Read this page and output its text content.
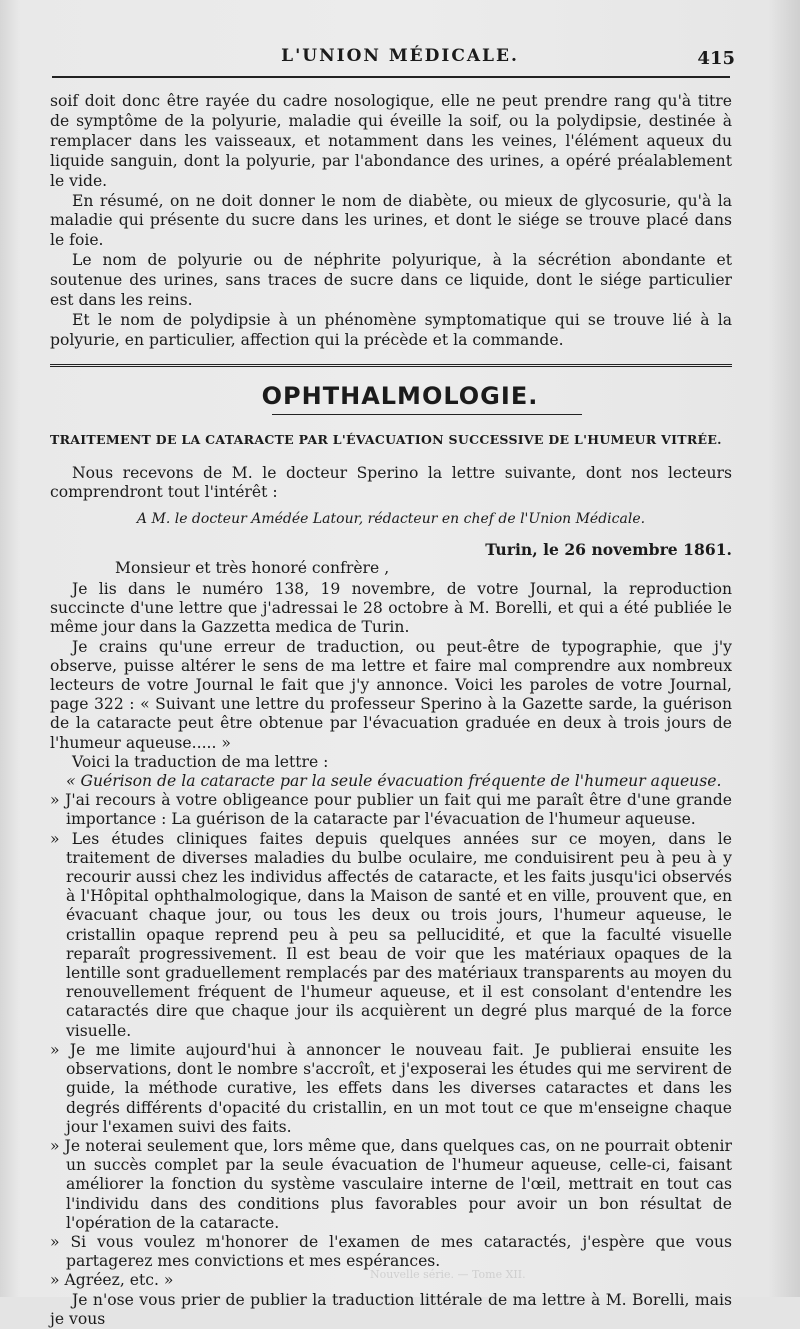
L'UNION MÉDICALE.	415

soif doit donc être rayée du cadre nosologique, elle ne peut prendre rang qu'à titre de symptôme de la polyurie, maladie qui éveille la soif, ou la polydipsie, destinée à remplacer dans les vaisseaux, et notamment dans les veines, l'élément aqueux du liquide sanguin, dont la polyurie, par l'abondance des urines, a opéré préalablement le vide.

En résumé, on ne doit donner le nom de diabète, ou mieux de glycosurie, qu'à la maladie qui présente du sucre dans les urines, et dont le siége se trouve placé dans le foie.

Le nom de polyurie ou de néphrite polyurique, à la sécrétion abondante et soutenue des urines, sans traces de sucre dans ce liquide, dont le siége particulier est dans les reins.

Et le nom de polydipsie à un phénomène symptomatique qui se trouve lié à la polyurie, en particulier, affection qui la précède et la commande.

OPHTHALMOLOGIE.
TRAITEMENT DE LA CATARACTE PAR L'ÉVACUATION SUCCESSIVE DE L'HUMEUR VITRÉE.

Nous recevons de M. le docteur Sperino la lettre suivante, dont nos lecteurs comprendront tout l'intérêt :

A M. le docteur Amédée Latour, rédacteur en chef de l'Union Médicale.

Turin, le 26 novembre 1861.

Monsieur et très honoré confrère ,

Je lis dans le numéro 138, 19 novembre, de votre Journal, la reproduction succincte d'une lettre que j'adressai le 28 octobre à M. Borelli, et qui a été publiée le même jour dans la Gazzetta medica de Turin.

Je crains qu'une erreur de traduction, ou peut-être de typographie, que j'y observe, puisse altérer le sens de ma lettre et faire mal comprendre aux nombreux lecteurs de votre Journal le fait que j'y annonce. Voici les paroles de votre Journal, page 322 : « Suivant une lettre du professeur Sperino à la Gazette sarde, la guérison de la cataracte peut être obtenue par l'évacuation graduée en deux à trois jours de l'humeur aqueuse..... »

Voici la traduction de ma lettre :

« Guérison de la cataracte par la seule évacuation fréquente de l'humeur aqueuse.

» J'ai recours à votre obligeance pour publier un fait qui me paraît être d'une grande importance : La guérison de la cataracte par l'évacuation de l'humeur aqueuse.

» Les études cliniques faites depuis quelques années sur ce moyen, dans le traitement de diverses maladies du bulbe oculaire, me conduisirent peu à peu à y recourir aussi chez les individus affectés de cataracte, et les faits jusqu'ici observés à l'Hôpital ophthalmologique, dans la Maison de santé et en ville, prouvent que, en évacuant chaque jour, ou tous les deux ou trois jours, l'humeur aqueuse, le cristallin opaque reprend peu à peu sa pellucidité, et que la faculté visuelle reparaît progressivement. Il est beau de voir que les matériaux opaques de la lentille sont graduellement remplacés par des matériaux transparents au moyen du renouvellement fréquent de l'humeur aqueuse, et il est consolant d'entendre les cataractés dire que chaque jour ils acquièrent un degré plus marqué de la force visuelle.

» Je me limite aujourd'hui à annoncer le nouveau fait. Je publierai ensuite les observations, dont le nombre s'accroît, et j'exposerai les études qui me servirent de guide, la méthode curative, les effets dans les diverses cataractes et dans les degrés différents d'opacité du cristallin, en un mot tout ce que m'enseigne chaque jour l'examen suivi des faits.

» Je noterai seulement que, lors même que, dans quelques cas, on ne pourrait obtenir un succès complet par la seule évacuation de l'humeur aqueuse, celle-ci, faisant améliorer la fonction du système vasculaire interne de l'œil, mettrait en tout cas l'individu dans des conditions plus favorables pour avoir un bon résultat de l'opération de la cataracte.

» Si vous voulez m'honorer de l'examen de mes cataractés, j'espère que vous partagerez mes convictions et mes espérances.

» Agréez, etc. »

Je n'ose vous prier de publier la traduction littérale de ma lettre à M. Borelli, mais je vous

Nouvelle série. — Tome XII.
